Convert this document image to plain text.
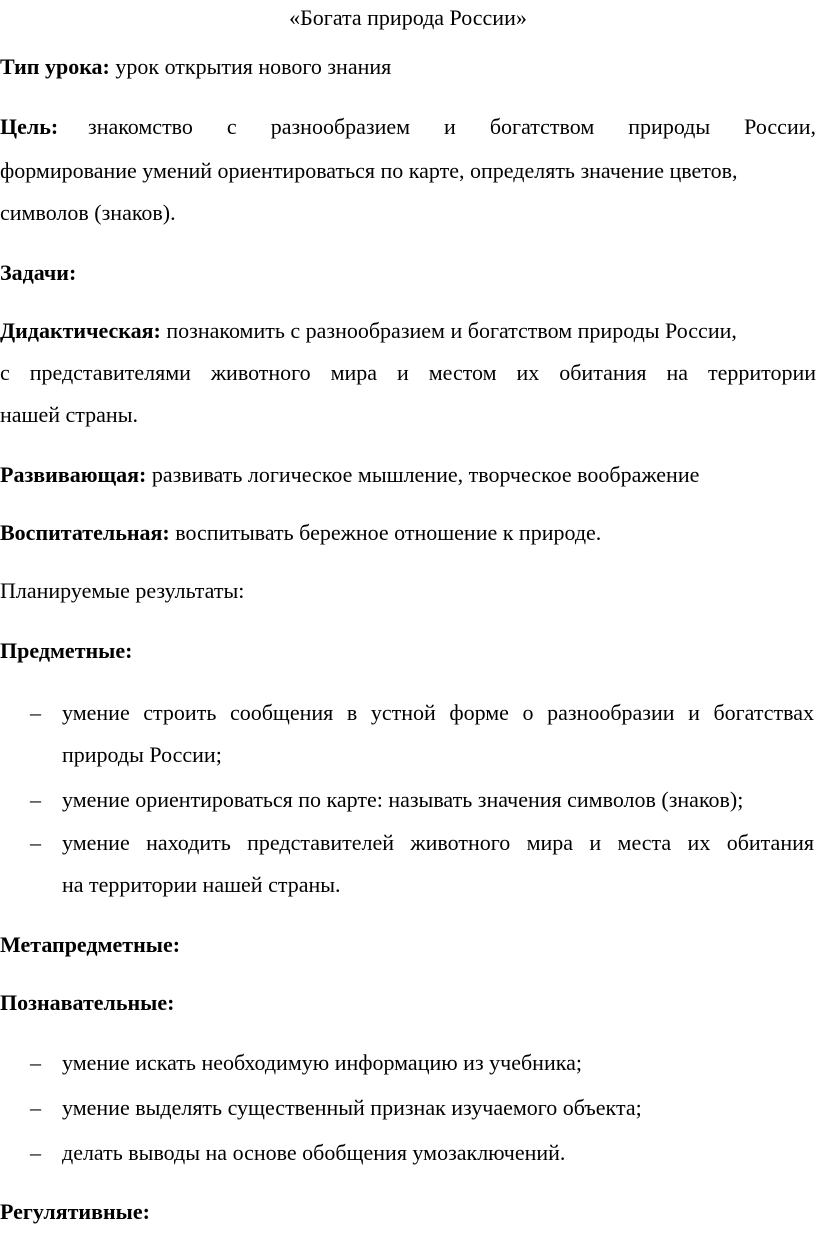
«Богата природа России»
Тип урока: урок открытия нового знания
Цель: знакомство с разнообразием и богатством природы России,
формирование умений ориентироваться по карте, определять значение цветов,
символов (знаков).
Задачи:
Дидактическая: познакомить с разнообразием и богатством природы России,
с представителями животного мира и местом их обитания на территории
нашей страны.
Развивающая: развивать логическое мышление, творческое воображение
Воспитательная: воспитывать бережное отношение к природе.
Планируемые результаты:
Предметные:
– умение строить сообщения в устной форме о разнообразии и богатствах
природы России;
– умение ориентироваться по карте: называть значения символов (знаков);
– умение находить представителей животного мира и места их обитания
на территории нашей страны.
Метапредметные:
Познавательные:
– умение искать необходимую информацию из учебника;
– умение выделять существенный признак изучаемого объекта;
– делать выводы на основе обобщения умозаключений.
Регулятивные:
